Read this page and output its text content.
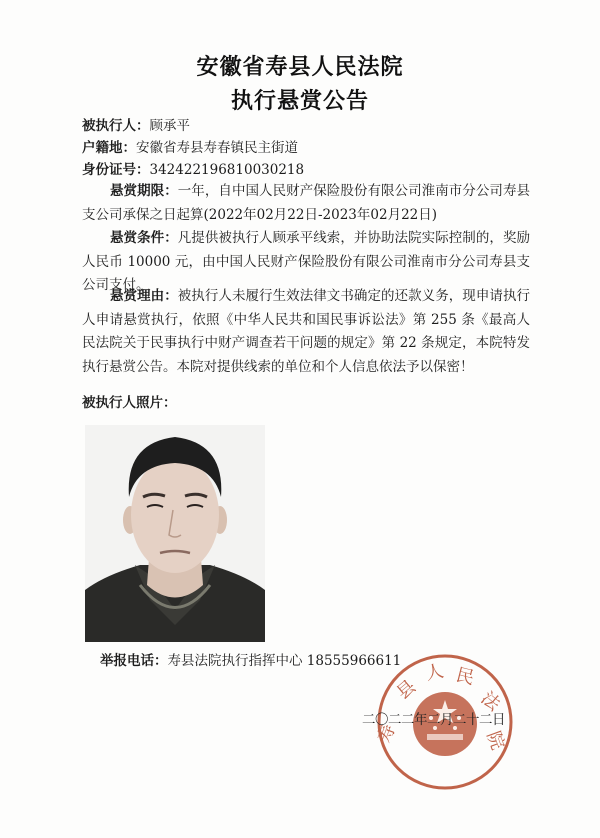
安徽省寿县人民法院
执行悬赏公告
被执行人：顾承平
户籍地：安徽省寿县寿春镇民主街道
身份证号：342422196810030218
悬赏期限：一年，自中国人民财产保险股份有限公司淮南市分公司寿县支公司承保之日起算(2022年02月22日-2023年02月22日)
悬赏条件：凡提供被执行人顾承平线索，并协助法院实际控制的，奖励人民币 10000 元，由中国人民财产保险股份有限公司淮南市分公司寿县支公司支付。
悬赏理由：被执行人未履行生效法律文书确定的还款义务，现申请执行人申请悬赏执行，依照《中华人民共和国民事诉讼法》第 255 条《最高人民法院关于民事执行中财产调查若干问题的规定》第 22 条规定，本院特发执行悬赏公告。本院对提供线索的单位和个人信息依法予以保密！
被执行人照片：
举报电话：寿县法院执行指挥中心 18555966611
县
人 民
法
院
寿
二〇二二年二月二十二日
